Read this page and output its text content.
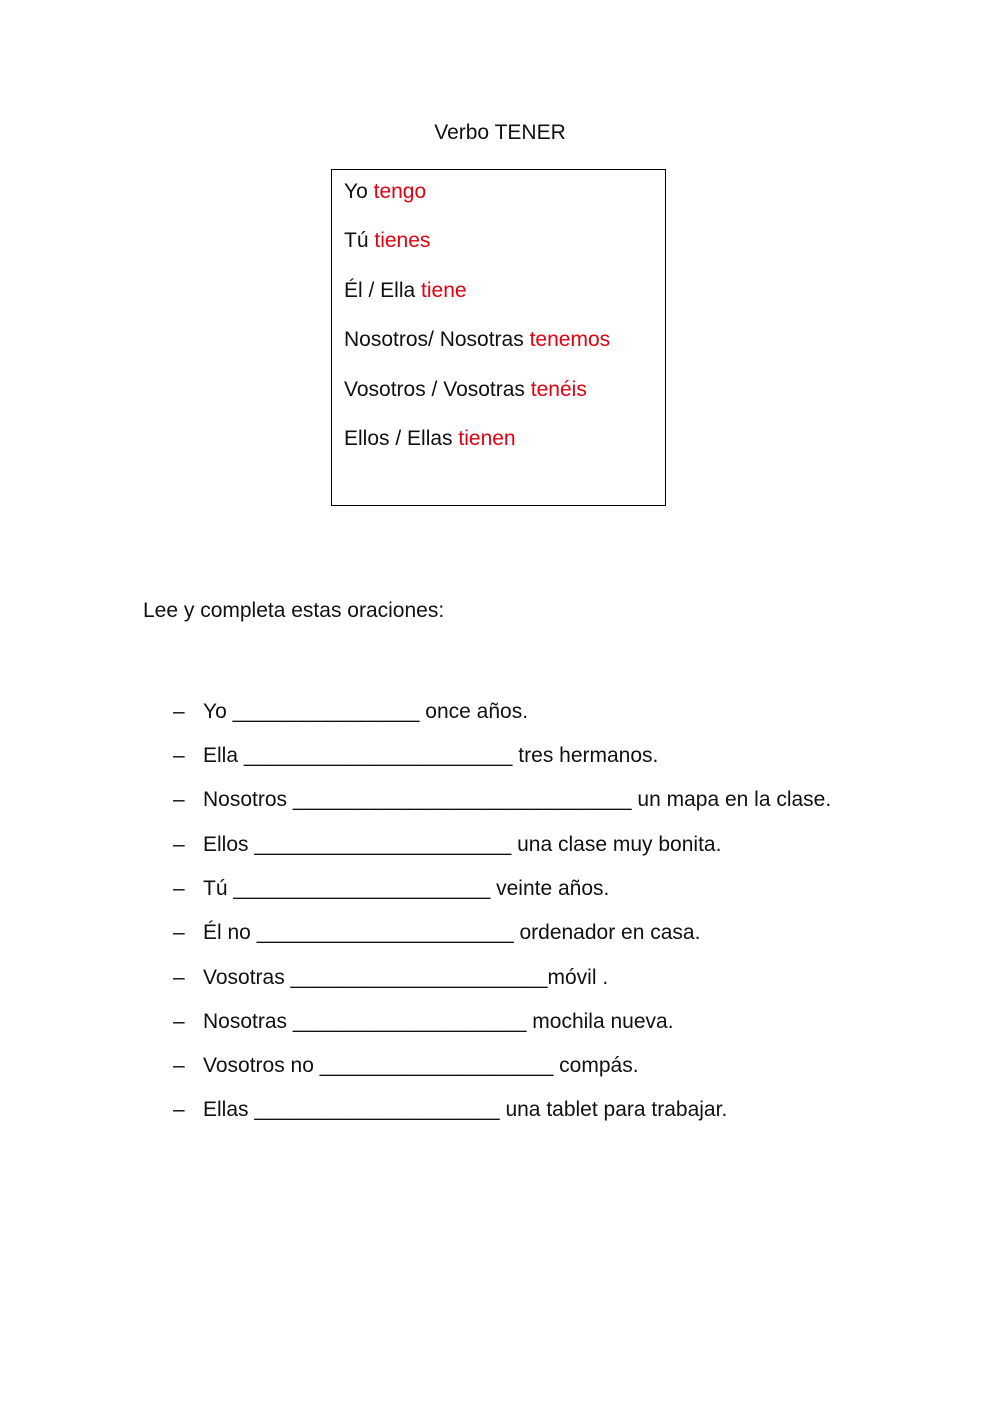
Verbo TENER
Yo tengo
Tú tienes
Él / Ella tiene
Nosotros/ Nosotras tenemos
Vosotros / Vosotras tenéis
Ellos / Ellas tienen
Lee y completa estas oraciones:
– Yo ________________ once años.
– Ella _______________________ tres hermanos.
– Nosotros _____________________________ un mapa en la clase.
– Ellos ______________________ una clase muy bonita.
– Tú ______________________ veinte años.
– Él no ______________________ ordenador en casa.
– Vosotras ______________________móvil .
– Nosotras ____________________ mochila nueva.
– Vosotros no ____________________ compás.
– Ellas _____________________ una tablet para trabajar.
